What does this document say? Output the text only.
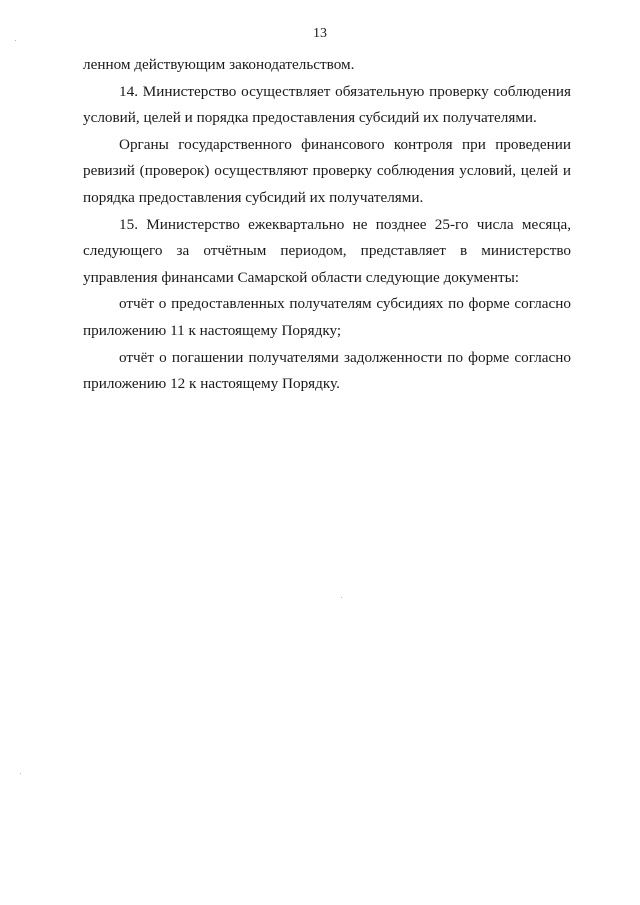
13

ленном действующим законодательством.

14. Министерство осуществляет обязательную проверку соблюдения условий, целей и порядка предоставления субсидий их получателями.

Органы государственного финансового контроля при проведении ревизий (проверок) осуществляют проверку соблюдения условий, целей и порядка предоставления субсидий их получателями.

15. Министерство ежеквартально не позднее 25-го числа месяца, следующего за отчётным периодом, представляет в министерство управления финансами Самарской области следующие документы:

отчёт о предоставленных получателям субсидиях по форме согласно приложению 11 к настоящему Порядку;

отчёт о погашении получателями задолженности по форме согласно приложению 12 к настоящему Порядку.
